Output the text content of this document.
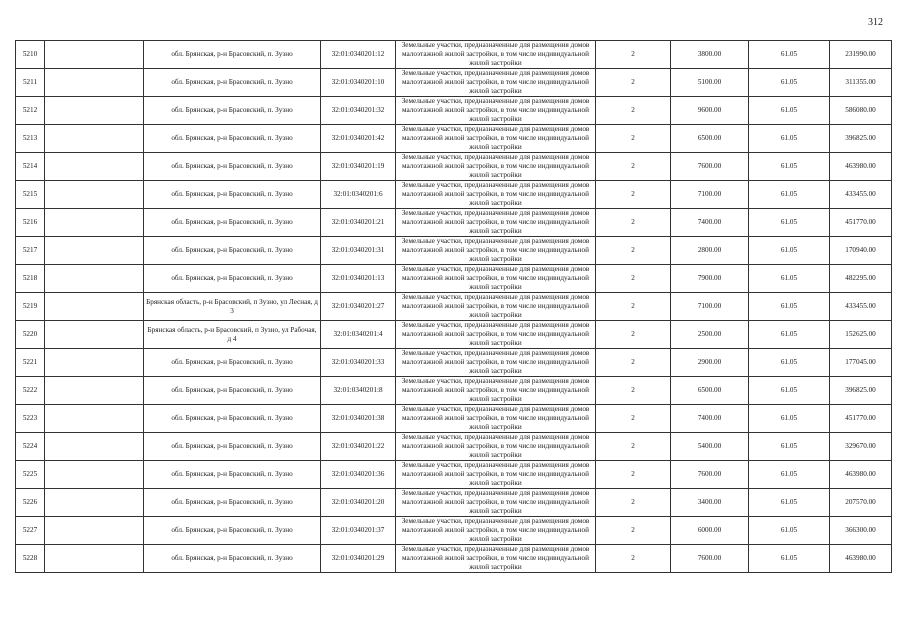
312
5210		обл. Брянская, р-н Брасовский, п. Зузно	32:01:0340201:12	Земельные участки, предназначенные для размещения домов малоэтажной жилой застройки, в том числе индивидуальной жилой застройки	2	3800.00	61.05	231990.00
5211		обл. Брянская, р-н Брасовский, п. Зузно	32:01:0340201:10	Земельные участки, предназначенные для размещения домов малоэтажной жилой застройки, в том числе индивидуальной жилой застройки	2	5100.00	61.05	311355.00
5212		обл. Брянская, р-н Брасовский, п. Зузно	32:01:0340201:32	Земельные участки, предназначенные для размещения домов малоэтажной жилой застройки, в том числе индивидуальной жилой застройки	2	9600.00	61.05	586080.00
5213		обл. Брянская, р-н Брасовский, п. Зузно	32:01:0340201:42	Земельные участки, предназначенные для размещения домов малоэтажной жилой застройки, в том числе индивидуальной жилой застройки	2	6500.00	61.05	396825.00
5214		обл. Брянская, р-н Брасовский, п. Зузно	32:01:0340201:19	Земельные участки, предназначенные для размещения домов малоэтажной жилой застройки, в том числе индивидуальной жилой застройки	2	7600.00	61.05	463980.00
5215		обл. Брянская, р-н Брасовский, п. Зузно	32:01:0340201:6	Земельные участки, предназначенные для размещения домов малоэтажной жилой застройки, в том числе индивидуальной жилой застройки	2	7100.00	61.05	433455.00
5216		обл. Брянская, р-н Брасовский, п. Зузно	32:01:0340201:21	Земельные участки, предназначенные для размещения домов малоэтажной жилой застройки, в том числе индивидуальной жилой застройки	2	7400.00	61.05	451770.00
5217		обл. Брянская, р-н Брасовский, п. Зузно	32:01:0340201:31	Земельные участки, предназначенные для размещения домов малоэтажной жилой застройки, в том числе индивидуальной жилой застройки	2	2800.00	61.05	170940.00
5218		обл. Брянская, р-н Брасовский, п. Зузно	32:01:0340201:13	Земельные участки, предназначенные для размещения домов малоэтажной жилой застройки, в том числе индивидуальной жилой застройки	2	7900.00	61.05	482295.00
5219		Брянская область, р-н Брасовский, п Зузно, ул Лесная, д 3	32:01:0340201:27	Земельные участки, предназначенные для размещения домов малоэтажной жилой застройки, в том числе индивидуальной жилой застройки	2	7100.00	61.05	433455.00
5220		Брянская область, р-н Брасовский, п Зузно, ул Рабочая, д 4	32:01:0340201:4	Земельные участки, предназначенные для размещения домов малоэтажной жилой застройки, в том числе индивидуальной жилой застройки	2	2500.00	61.05	152625.00
5221		обл. Брянская, р-н Брасовский, п. Зузно	32:01:0340201:33	Земельные участки, предназначенные для размещения домов малоэтажной жилой застройки, в том числе индивидуальной жилой застройки	2	2900.00	61.05	177045.00
5222		обл. Брянская, р-н Брасовский, п. Зузно	32:01:0340201:8	Земельные участки, предназначенные для размещения домов малоэтажной жилой застройки, в том числе индивидуальной жилой застройки	2	6500.00	61.05	396825.00
5223		обл. Брянская, р-н Брасовский, п. Зузно	32:01:0340201:38	Земельные участки, предназначенные для размещения домов малоэтажной жилой застройки, в том числе индивидуальной жилой застройки	2	7400.00	61.05	451770.00
5224		обл. Брянская, р-н Брасовский, п. Зузно	32:01:0340201:22	Земельные участки, предназначенные для размещения домов малоэтажной жилой застройки, в том числе индивидуальной жилой застройки	2	5400.00	61.05	329670.00
5225		обл. Брянская, р-н Брасовский, п. Зузно	32:01:0340201:36	Земельные участки, предназначенные для размещения домов малоэтажной жилой застройки, в том числе индивидуальной жилой застройки	2	7600.00	61.05	463980.00
5226		обл. Брянская, р-н Брасовский, п. Зузно	32:01:0340201:20	Земельные участки, предназначенные для размещения домов малоэтажной жилой застройки, в том числе индивидуальной жилой застройки	2	3400.00	61.05	207570.00
5227		обл. Брянская, р-н Брасовский, п. Зузно	32:01:0340201:37	Земельные участки, предназначенные для размещения домов малоэтажной жилой застройки, в том числе индивидуальной жилой застройки	2	6000.00	61.05	366300.00
5228		обл. Брянская, р-н Брасовский, п. Зузно	32:01:0340201:29	Земельные участки, предназначенные для размещения домов малоэтажной жилой застройки, в том числе индивидуальной жилой застройки	2	7600.00	61.05	463980.00
